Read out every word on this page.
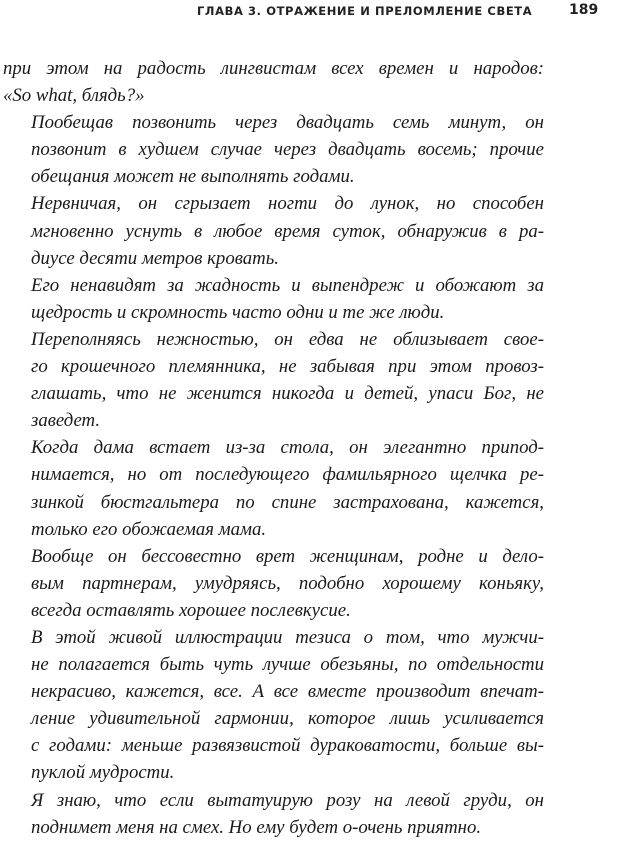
ГЛАВА 3. ОТРАЖЕНИЕ И ПРЕЛОМЛЕНИЕ СВЕТА	189

при этом на радость лингвистам всех времен и народов:
«So what, блядь?»

Пообещав позвонить через двадцать семь минут, он
позвонит в худшем случае через двадцать восемь; прочие
обещания может не выполнять годами.

Нервничая, он сгрызает ногти до лунок, но способен
мгновенно уснуть в любое время суток, обнаружив в ра-
диусе десяти метров кровать.

Его ненавидят за жадность и выпендреж и обожают за
щедрость и скромность часто одни и те же люди.

Переполняясь нежностью, он едва не облизывает свое-
го крошечного племянника, не забывая при этом провоз-
глашать, что не женится никогда и детей, упаси Бог, не
заведет.

Когда дама встает из-за стола, он элегантно припод-
нимается, но от последующего фамильярного щелчка ре-
зинкой бюстгальтера по спине застрахована, кажется,
только его обожаемая мама.

Вообще он бессовестно врет женщинам, родне и дело-
вым партнерам, умудряясь, подобно хорошему коньяку,
всегда оставлять хорошее послевкусие.

В этой живой иллюстрации тезиса о том, что мужчи-
не полагается быть чуть лучше обезьяны, по отдельности
некрасиво, кажется, все. А все вместе производит впечат-
ление удивительной гармонии, которое лишь усиливается
с годами: меньше развязвистой дураковатости, больше вы-
пуклой мудрости.

Я знаю, что если вытатуирую розу на левой груди, он
поднимет меня на смех. Но ему будет о-очень приятно.
